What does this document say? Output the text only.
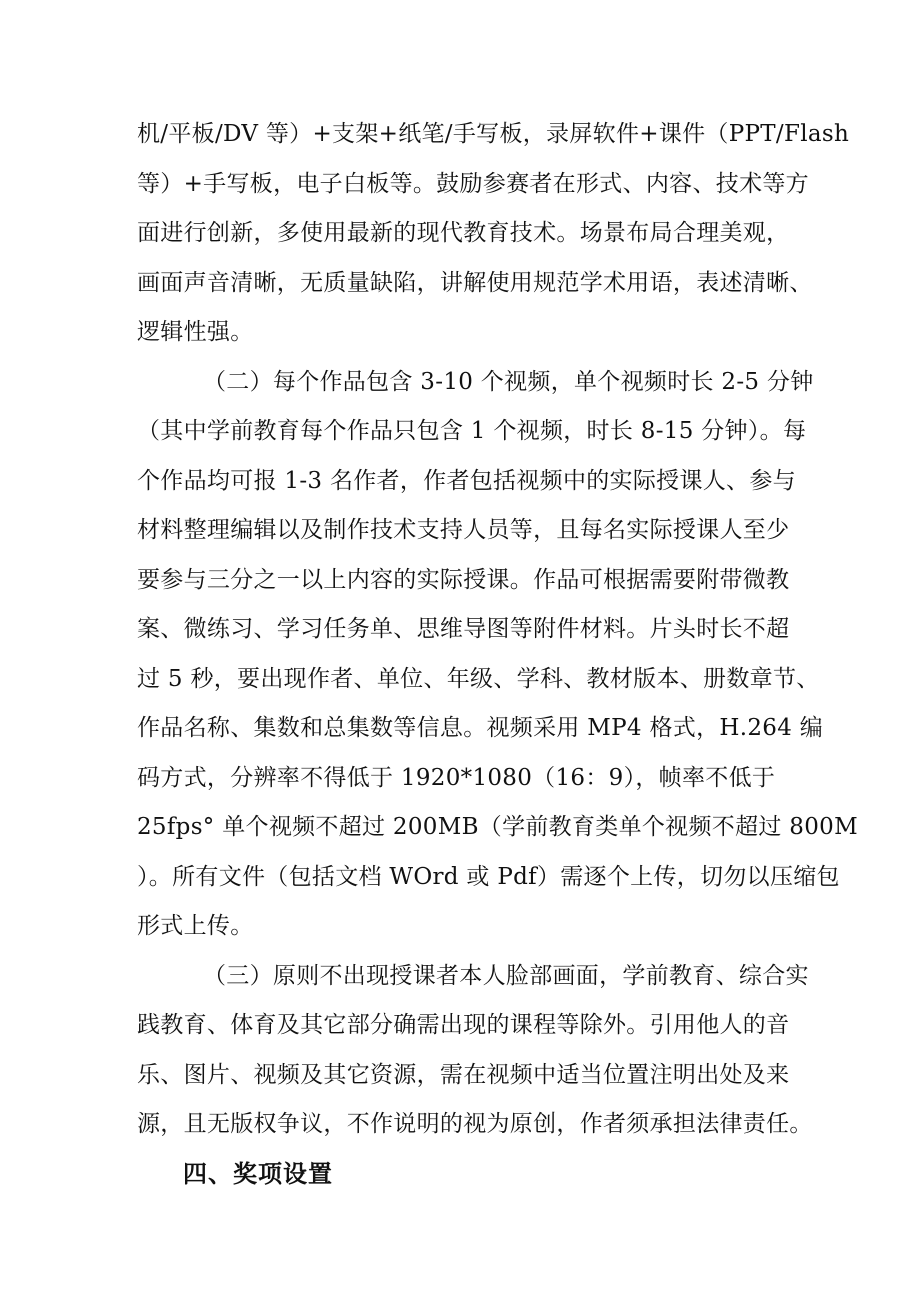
机/平板/DV 等）+支架+纸笔/手写板，录屏软件+课件（PPT/Flash
等）+手写板，电子白板等。鼓励参赛者在形式、内容、技术等方
面进行创新，多使用最新的现代教育技术。场景布局合理美观，
画面声音清晰，无质量缺陷，讲解使用规范学术用语，表述清晰、
逻辑性强。
（二）每个作品包含 3-10 个视频，单个视频时长 2-5 分钟
（其中学前教育每个作品只包含 1 个视频，时长 8-15 分钟）。每
个作品均可报 1-3 名作者，作者包括视频中的实际授课人、参与
材料整理编辑以及制作技术支持人员等，且每名实际授课人至少
要参与三分之一以上内容的实际授课。作品可根据需要附带微教
案、微练习、学习任务单、思维导图等附件材料。片头时长不超
过 5 秒，要出现作者、单位、年级、学科、教材版本、册数章节、
作品名称、集数和总集数等信息。视频采用 MP4 格式，H.264 编
码方式，分辨率不得低于 1920*1080（16：9），帧率不低于
25fps° 单个视频不超过 200MB（学前教育类单个视频不超过 800M
）。所有文件（包括文档 WOrd 或 Pdf）需逐个上传，切勿以压缩包
形式上传。
（三）原则不出现授课者本人脸部画面，学前教育、综合实
践教育、体育及其它部分确需出现的课程等除外。引用他人的音
乐、图片、视频及其它资源，需在视频中适当位置注明出处及来
源，且无版权争议，不作说明的视为原创，作者须承担法律责任。
四、奖项设置
